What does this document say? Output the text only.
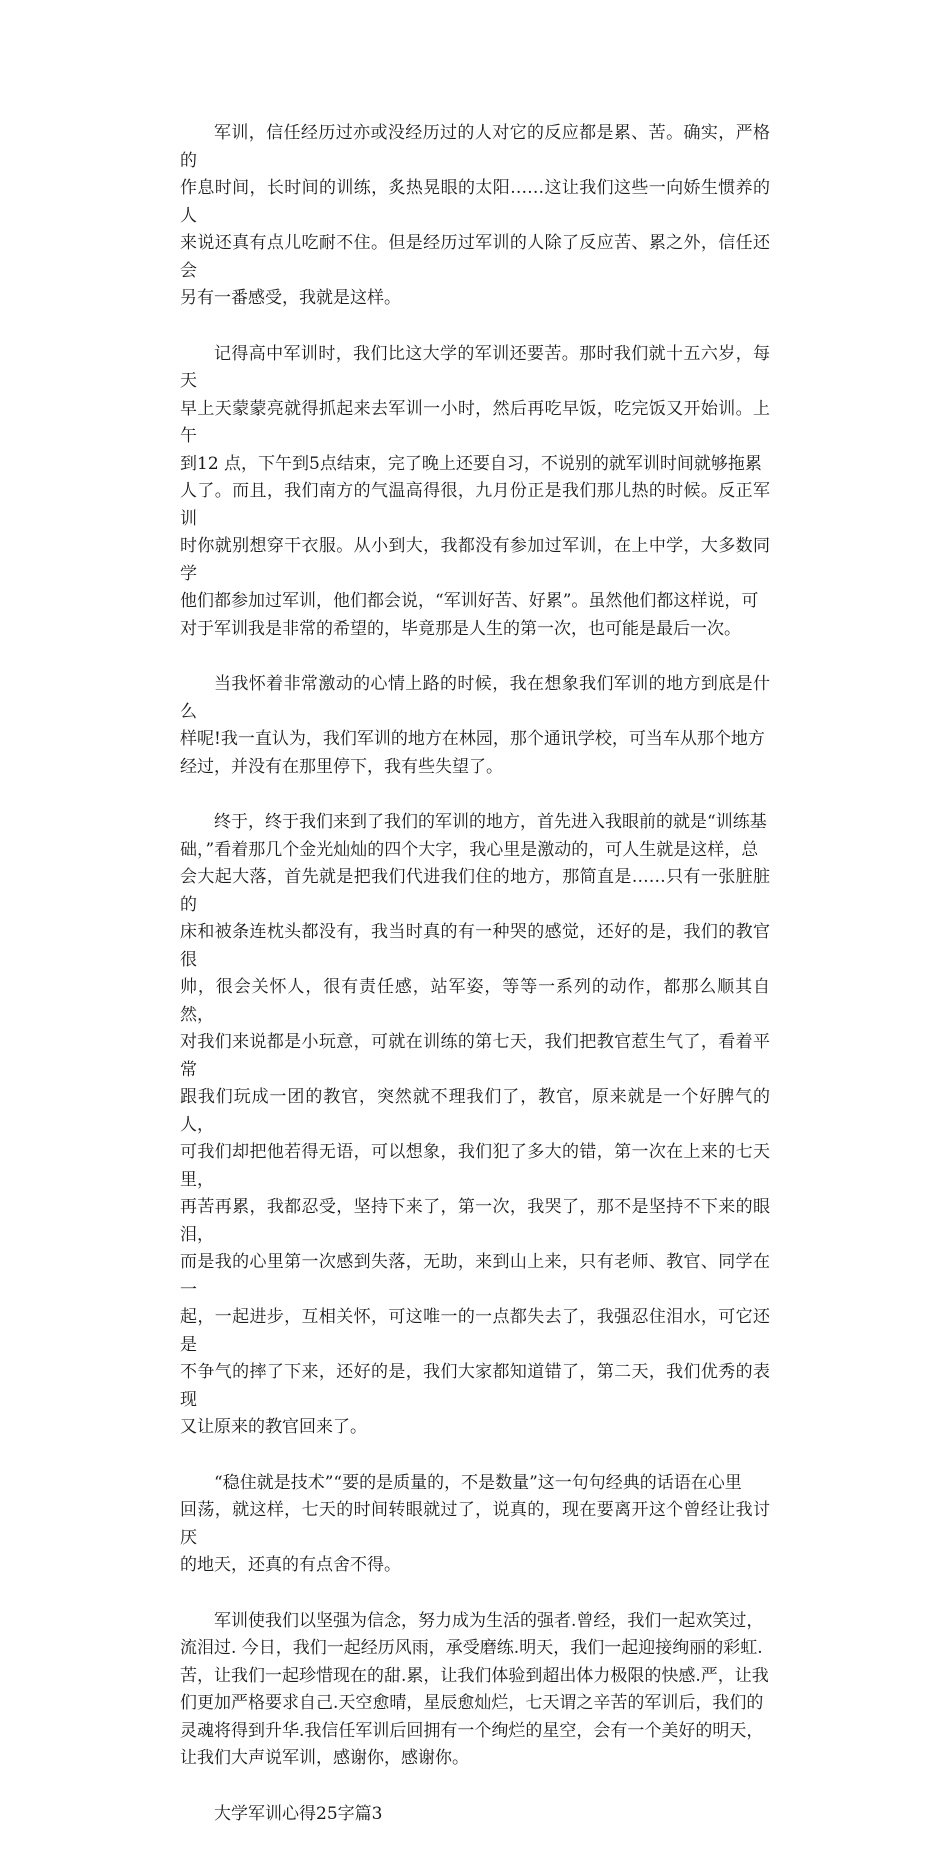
军训，信任经历过亦或没经历过的人对它的反应都是累、苦。确实，严格的
作息时间，长时间的训练，炙热晃眼的太阳……这让我们这些一向娇生惯养的人
来说还真有点儿吃耐不住。但是经历过军训的人除了反应苦、累之外，信任还会
另有一番感受，我就是这样。

记得高中军训时，我们比这大学的军训还要苦。那时我们就十五六岁，每天
早上天蒙蒙亮就得抓起来去军训一小时，然后再吃早饭，吃完饭又开始训。上午
到12 点，下午到5点结束，完了晚上还要自习，不说别的就军训时间就够拖累
人了。而且，我们南方的气温高得很，九月份正是我们那儿热的时候。反正军训
时你就别想穿干衣服。从小到大，我都没有参加过军训，在上中学，大多数同学
他们都参加过军训，他们都会说，“军训好苦、好累”。虽然他们都这样说，可
对于军训我是非常的希望的，毕竟那是人生的第一次，也可能是最后一次。

当我怀着非常激动的心情上路的时候，我在想象我们军训的地方到底是什么
样呢!我一直认为，我们军训的地方在林园，那个通讯学校，可当车从那个地方
经过，并没有在那里停下，我有些失望了。

终于，终于我们来到了我们的军训的地方，首先进入我眼前的就是“训练基
础，”看着那几个金光灿灿的四个大字，我心里是激动的，可人生就是这样，总
会大起大落，首先就是把我们代进我们住的地方，那简直是……只有一张脏脏的
床和被条连枕头都没有，我当时真的有一种哭的感觉，还好的是，我们的教官很
帅，很会关怀人，很有责任感，站军姿，等等一系列的动作，都那么顺其自然，
对我们来说都是小玩意，可就在训练的第七天，我们把教官惹生气了，看着平常
跟我们玩成一团的教官，突然就不理我们了，教官，原来就是一个好脾气的人，
可我们却把他若得无语，可以想象，我们犯了多大的错，第一次在上来的七天里，
再苦再累，我都忍受，坚持下来了，第一次，我哭了，那不是坚持不下来的眼泪，
而是我的心里第一次感到失落，无助，来到山上来，只有老师、教官、同学在一
起，一起进步，互相关怀，可这唯一的一点都失去了，我强忍住泪水，可它还是
不争气的摔了下来，还好的是，我们大家都知道错了，第二天，我们优秀的表现
又让原来的教官回来了。

“稳住就是技术”“要的是质量的，不是数量”这一句句经典的话语在心里
回荡，就这样，七天的时间转眼就过了，说真的，现在要离开这个曾经让我讨厌
的地天，还真的有点舍不得。

军训使我们以坚强为信念，努力成为生活的强者.曾经，我们一起欢笑过，
流泪过. 今日，我们一起经历风雨，承受磨练.明天，我们一起迎接绚丽的彩虹.
苦，让我们一起珍惜现在的甜.累，让我们体验到超出体力极限的快感.严，让我
们更加严格要求自己.天空愈晴，星辰愈灿烂，七天谓之辛苦的军训后，我们的
灵魂将得到升华.我信任军训后回拥有一个绚烂的星空，会有一个美好的明天，
让我们大声说军训，感谢你，感谢你。

大学军训心得25字篇3
